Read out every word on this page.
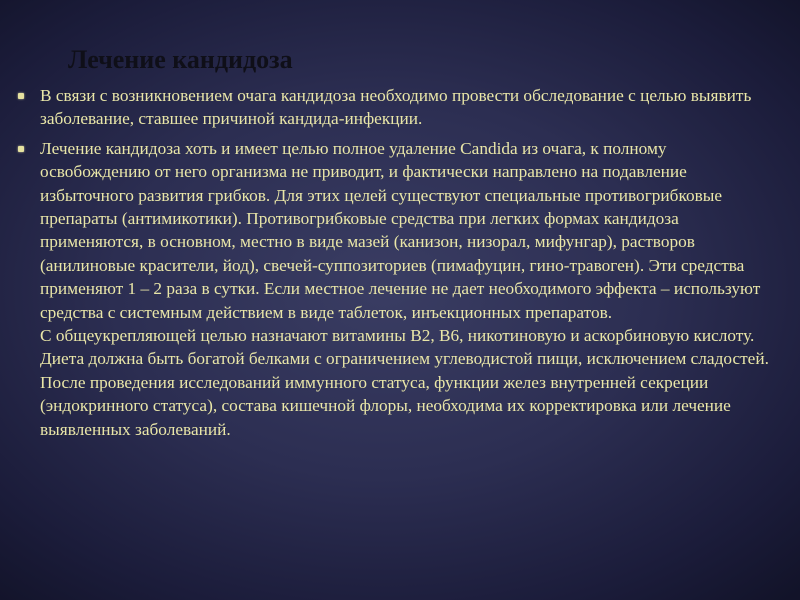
Лечение кандидоза
В связи с возникновением очага кандидоза необходимо провести обследование с целью выявить заболевание, ставшее причиной кандида-инфекции.
Лечение кандидоза хоть и имеет целью полное удаление Candida из очага, к полному освобождению от него организма не приводит, и фактически направлено на подавление избыточного развития грибков. Для этих целей существуют специальные противогрибковые препараты (антимикотики). Противогрибковые средства при легких формах кандидоза применяются, в основном, местно в виде мазей (канизон, низорал, мифунгар), растворов (анилиновые красители, йод), свечей-суппозиториев (пимафуцин, гино-травоген). Эти средства применяют 1 – 2 раза в сутки. Если местное лечение не дает необходимого эффекта – используют средства с системным действием в виде таблеток, инъекционных препаратов.
С общеукрепляющей целью назначают витамины В2, В6, никотиновую и аскорбиновую кислоту. Диета должна быть богатой белками с ограничением углеводистой пищи, исключением сладостей. После проведения исследований иммунного статуса, функции желез внутренней секреции (эндокринного статуса), состава кишечной флоры, необходима их корректировка или лечение выявленных заболеваний.
